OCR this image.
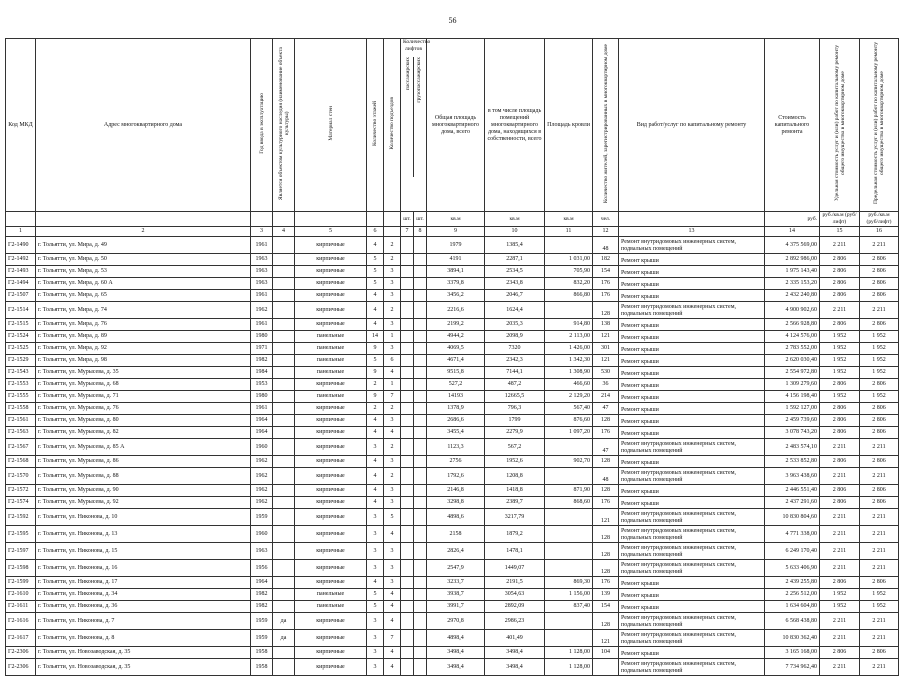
56
Код МКД	Адрес многоквартирного дома	Год ввода в эксплуатацию	Является объектом культурного наследия (наименование объекта культуры)	Материал стен	Количество этажей	Количество подъездов	Количество лифтов
пассажирских грузопассажирских		Общая площадь многоквартирного дома, всего	в том числе площадь помещений многоквартирного дома, находящихся в собственности, всего	Площадь кровли	Количество жителей, зарегистрированных в многоквартирном доме	Вид работ/услуг по капитальному ремонту	Стоимость капитального ремонта	Удельная стоимость услуг и (или) работ по капитальному ремонту общего имущества в многоквартирном доме	Предельная стоимость услуг и (или) работ по капитальному ремонту общего имущества в многоквартирном доме

							шт.	шт.	кв.м	кв.м	кв.м	чел.		руб.	руб./кв.м (руб/лифт)	руб./кв.м (руб/лифт)
1	2	3	4	5	6		7	8	9	10	11	12	13	14	15	16
Г2-1490	г. Тольятти, ул. Мира, д. 49	1961		кирпичные	4	2			1979	1385,4		48	Ремонт внутридомовых инженерных систем, подвальных помещений	4 375 569,00	2 211	2 211
Г2-1492	г. Тольятти, ул. Мира, д. 50	1963		кирпичные	5	2			4191	2287,1	1 031,00	182	Ремонт крыши	2 892 986,00	2 806	2 806
Г2-1493	г. Тольятти, ул. Мира, д. 53	1963		кирпичные	5	3			3894,1	2534,5	705,90	154	Ремонт крыши	1 975 143,40	2 806	2 806
Г2-1494	г. Тольятти, ул. Мира, д. 60 А	1963		кирпичные	5	3			3379,8	2343,8	832,20	176	Ремонт крыши	2 335 153,20	2 806	2 806
Г2-1507	г. Тольятти, ул. Мира, д. 65	1961		кирпичные	4	3			3456,2	2046,7	866,80	176	Ремонт крыши	2 432 240,80	2 806	2 806
Г2-1514	г. Тольятти, ул. Мира, д. 74	1962		кирпичные	4	2			2216,6	1624,4		128	Ремонт внутридомовых инженерных систем, подвальных помещений	4 900 902,60	2 211	2 211
Г2-1515	г. Тольятти, ул. Мира, д. 76	1961		кирпичные	4	3			2199,2	2035,3	914,80	138	Ремонт крыши	2 566 928,80	2 806	2 806
Г2-1524	г. Тольятти, ул. Мира, д. 89	1980		панельные	14	1			4944,2	2098,9	2 113,00	121	Ремонт крыши	4 124 576,00	1 952	1 952
Г2-1525	г. Тольятти, ул. Мира, д. 92	1971		панельные	9	3			4069,5	7320	1 426,00	301	Ремонт крыши	2 783 552,00	1 952	1 952
Г2-1529	г. Тольятти, ул. Мира, д. 98	1982		панельные	5	6			4671,4	2342,3	1 342,30	121	Ремонт крыши	2 620 030,40	1 952	1 952
Г2-1543	г. Тольятти, ул. Мурысева, д. 35	1984		панельные	9	4			9515,8	7144,1	1 308,90	530	Ремонт крыши	2 554 972,80	1 952	1 952
Г2-1553	г. Тольятти, ул. Мурысева, д. 68	1953		кирпичные	2	1			527,2	487,2	466,60	36	Ремонт крыши	1 309 279,60	2 806	2 806
Г2-1555	г. Тольятти, ул. Мурысева, д. 71	1980		панельные	9	7			14193	12665,5	2 129,20	214	Ремонт крыши	4 156 198,40	1 952	1 952
Г2-1558	г. Тольятти, ул. Мурысева, д. 76	1961		кирпичные	2	2			1378,9	796,3	567,40	47	Ремонт крыши	1 592 127,00	2 806	2 806
Г2-1561	г. Тольятти, ул. Мурысева, д. 80	1964		кирпичные	4	3			2686,6	1799	876,60	128	Ремонт крыши	2 459 739,60	2 806	2 806
Г2-1563	г. Тольятти, ул. Мурысева, д. 82	1964		кирпичные	4	4			3455,4	2279,9	1 097,20	176	Ремонт крыши	3 078 743,20	2 806	2 806
Г2-1567	г. Тольятти, ул. Мурысева, д. 85 А	1960		кирпичные	3	2			1123,3	567,2		47	Ремонт внутридомовых инженерных систем, подвальных помещений	2 483 574,10	2 211	2 211
Г2-1568	г. Тольятти, ул. Мурысева, д. 86	1962		кирпичные	4	3			2756	1952,6	902,70	128	Ремонт крыши	2 533 852,80	2 806	2 806
Г2-1570	г. Тольятти, ул. Мурысева, д. 88	1962		кирпичные	4	2			1792,6	1208,8		48	Ремонт внутридомовых инженерных систем, подвальных помещений	3 963 438,60	2 211	2 211
Г2-1572	г. Тольятти, ул. Мурысева, д. 90	1962		кирпичные	4	3			2146,8	1418,8	871,90	128	Ремонт крыши	2 446 551,40	2 806	2 806
Г2-1574	г. Тольятти, ул. Мурысева, д. 92	1962		кирпичные	4	3			3298,8	2389,7	868,60	176	Ремонт крыши	2 437 291,60	2 806	2 806
Г2-1592	г. Тольятти, ул. Никонова, д. 10	1959		кирпичные	3	5			4898,6	3217,79		121	Ремонт внутридомовых инженерных систем, подвальных помещений	10 830 804,60	2 211	2 211
Г2-1595	г. Тольятти, ул. Никонова, д. 13	1960		кирпичные	3	4			2158	1879,2		128	Ремонт внутридомовых инженерных систем, подвальных помещений	4 771 338,00	2 211	2 211
Г2-1597	г. Тольятти, ул. Никонова, д. 15	1963		кирпичные	3	3			2826,4	1478,1		128	Ремонт внутридомовых инженерных систем, подвальных помещений	6 249 170,40	2 211	2 211
Г2-1598	г. Тольятти, ул. Никонова, д. 16	1956		кирпичные	3	3			2547,9	1449,07		128	Ремонт внутридомовых инженерных систем, подвальных помещений	5 633 406,90	2 211	2 211
Г2-1599	г. Тольятти, ул. Никонова, д. 17	1964		кирпичные	4	3			3233,7	2191,5	869,30	176	Ремонт крыши	2 439 255,80	2 806	2 806
Г2-1610	г. Тольятти, ул. Никонова, д. 34	1982		панельные	5	4			3938,7	3054,63	1 156,00	139	Ремонт крыши	2 256 512,00	1 952	1 952
Г2-1611	г. Тольятти, ул. Никонова, д. 36	1982		панельные	5	4			3991,7	2892,09	837,40	154	Ремонт крыши	1 634 604,80	1 952	1 952
Г2-1616	г. Тольятти, ул. Никонова, д. 7	1959	да	кирпичные	3	4			2970,8	2986,23		128	Ремонт внутридомовых инженерных систем, подвальных помещений	6 568 438,80	2 211	2 211
Г2-1617	г. Тольятти, ул. Никонова, д. 8	1959	да	кирпичные	3	7			4898,4	401,49		121	Ремонт внутридомовых инженерных систем, подвальных помещений	10 830 362,40	2 211	2 211
Г2-2306	г. Тольятти, ул. Новозаводская, д. 35	1958		кирпичные	3	4			3498,4	3498,4	1 128,00	104	Ремонт крыши	3 165 168,00	2 806	2 806
Г2-2306	г. Тольятти, ул. Новозаводская, д. 35	1958		кирпичные	3	4			3498,4	3498,4	1 128,00		Ремонт внутридомовых инженерных систем, подвальных помещений	7 734 962,40	2 211	2 211
